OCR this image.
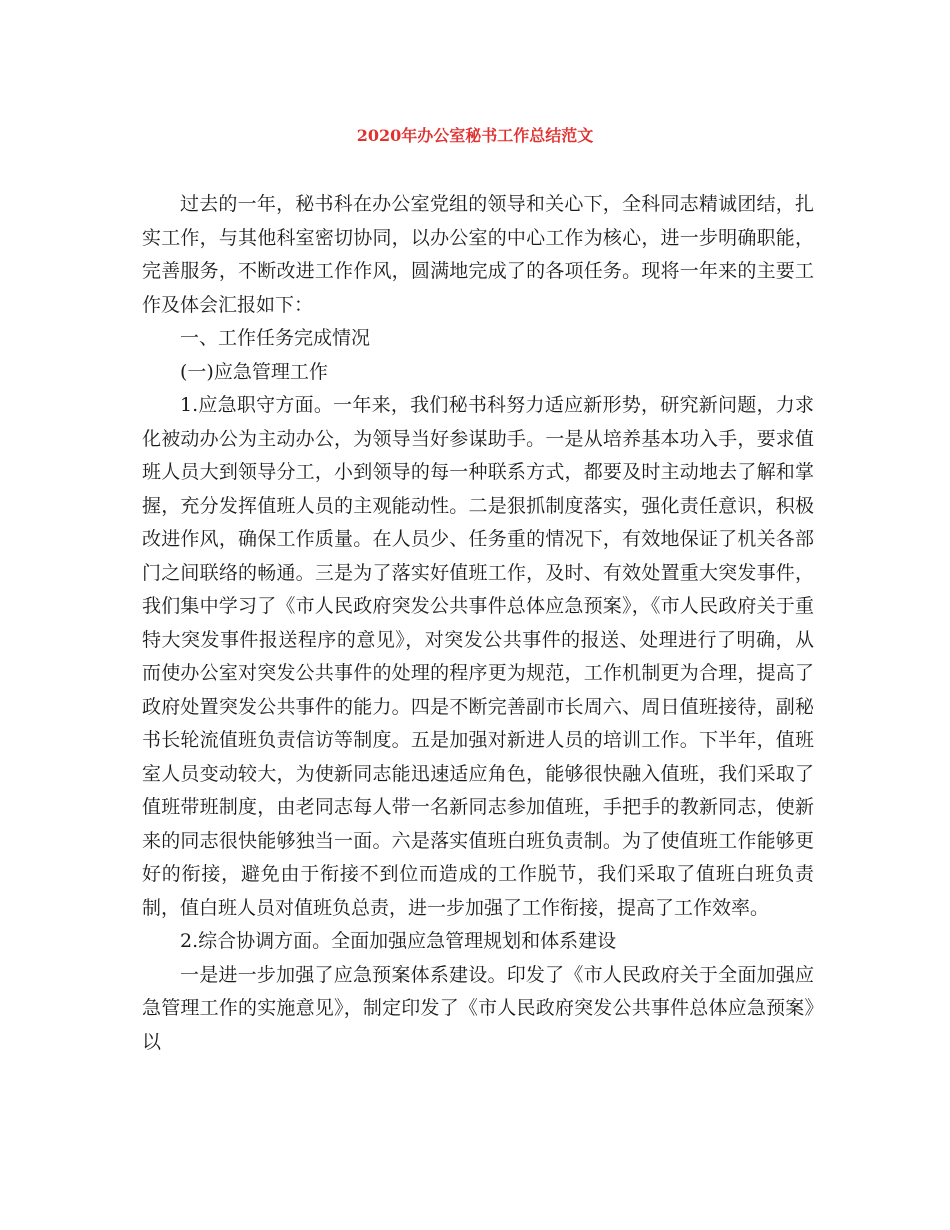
2020年办公室秘书工作总结范文

过去的一年，秘书科在办公室党组的领导和关心下，全科同志精诚团结，扎实工作，与其他科室密切协同，以办公室的中心工作为核心，进一步明确职能，完善服务，不断改进工作作风，圆满地完成了的各项任务。现将一年来的主要工作及体会汇报如下：

一、工作任务完成情况

(一)应急管理工作

1.应急职守方面。一年来，我们秘书科努力适应新形势，研究新问题，力求化被动办公为主动办公，为领导当好参谋助手。一是从培养基本功入手，要求值班人员大到领导分工，小到领导的每一种联系方式，都要及时主动地去了解和掌握，充分发挥值班人员的主观能动性。二是狠抓制度落实，强化责任意识，积极改进作风，确保工作质量。在人员少、任务重的情况下，有效地保证了机关各部门之间联络的畅通。三是为了落实好值班工作，及时、有效处置重大突发事件，我们集中学习了《市人民政府突发公共事件总体应急预案》，《市人民政府关于重特大突发事件报送程序的意见》，对突发公共事件的报送、处理进行了明确，从而使办公室对突发公共事件的处理的程序更为规范，工作机制更为合理，提高了政府处置突发公共事件的能力。四是不断完善副市长周六、周日值班接待，副秘书长轮流值班负责信访等制度。五是加强对新进人员的培训工作。下半年，值班室人员变动较大，为使新同志能迅速适应角色，能够很快融入值班，我们采取了值班带班制度，由老同志每人带一名新同志参加值班，手把手的教新同志，使新来的同志很快能够独当一面。六是落实值班白班负责制。为了使值班工作能够更好的衔接，避免由于衔接不到位而造成的工作脱节，我们采取了值班白班负责制，值白班人员对值班负总责，进一步加强了工作衔接，提高了工作效率。

2.综合协调方面。全面加强应急管理规划和体系建设

一是进一步加强了应急预案体系建设。印发了《市人民政府关于全面加强应急管理工作的实施意见》，制定印发了《市人民政府突发公共事件总体应急预案》以
